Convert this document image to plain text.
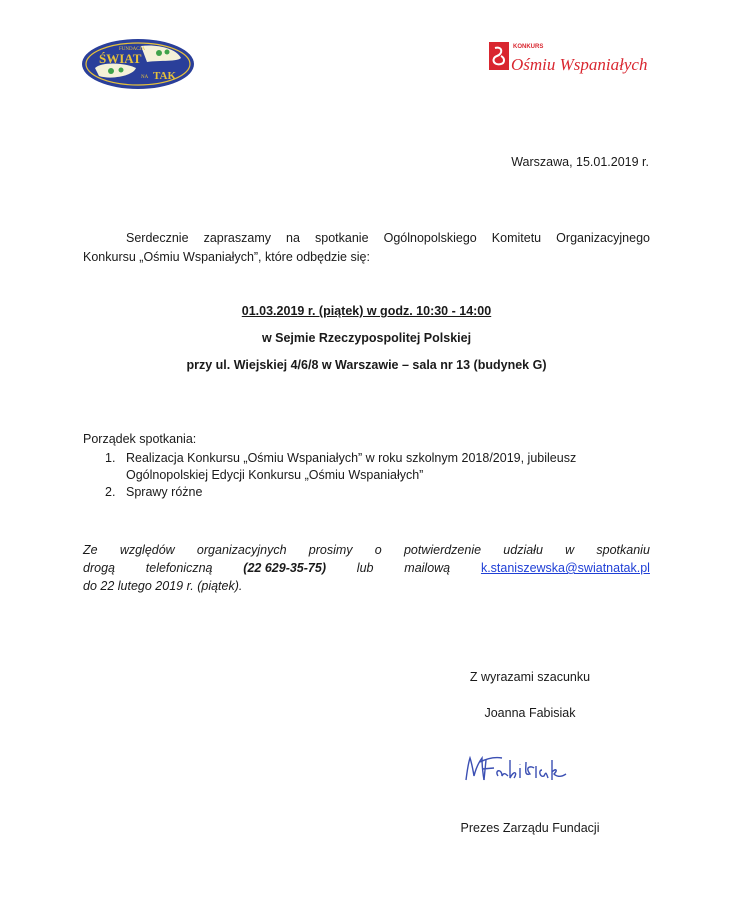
FUNDACJA
ŚWIAT
NA TAK
KONKURS
Ośmiu Wspaniałych
Warszawa, 15.01.2019 r.
Serdecznie zapraszamy na spotkanie Ogólnopolskiego Komitetu Organizacyjnego
Konkursu „Ośmiu Wspaniałych”, które odbędzie się:
01.03.2019 r. (piątek) w godz. 10:30 - 14:00
w Sejmie Rzeczypospolitej Polskiej
przy ul. Wiejskiej 4/6/8 w Warszawie – sala nr 13 (budynek G)
Porządek spotkania:
1. Realizacja Konkursu „Ośmiu Wspaniałych” w roku szkolnym 2018/2019, jubileusz
Ogólnopolskiej Edycji Konkursu „Ośmiu Wspaniałych”
2. Sprawy różne
Ze względów organizacyjnych prosimy o potwierdzenie udziału w spotkaniu
drogą telefoniczną (22 629-35-75) lub mailową k.staniszewska@swiatnatak.pl
do 22 lutego 2019 r. (piątek).
Z wyrazami szacunku
Joanna Fabisiak
Prezes Zarządu Fundacji
